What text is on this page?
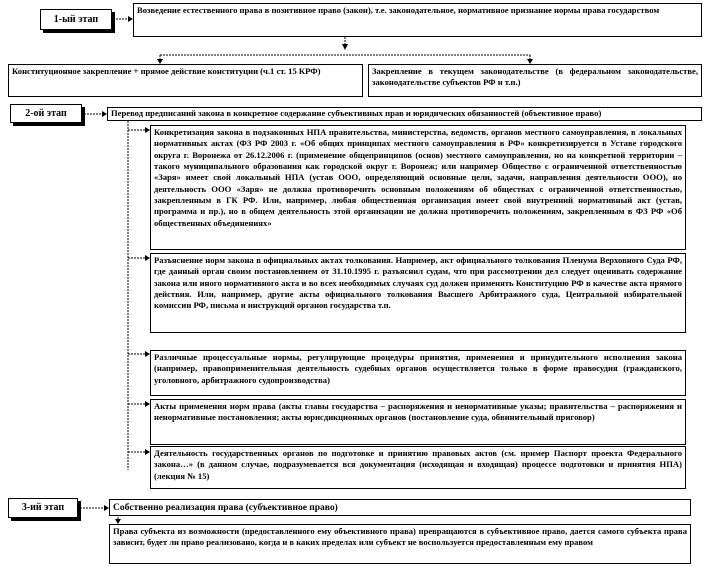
1-ый этап
Возведение естественного права в позитивное право (закон), т.е. законодательное, нормативное признание нормы права государством
Конституционное закрепление + прямое действие конституции (ч.1 ст. 15 КРФ)	Закрепление в текущем законодательстве (в федеральном законодательстве, законодательстве субъектов РФ и т.п.)
2-ой этап	Перевод предписаний закона в конкретное содержание субъективных прав и юридических обязанностей (объективное право)
Конкретизация закона в подзаконных НПА правительства, министерства, ведомств, органов местного самоуправления, в локальных нормативных актах (ФЗ РФ 2003 г. «Об общих принципах местного самоуправления в РФ» конкретизируется в Уставе городского округа г. Воронежа от 26.12.2006 г. (применение общепринципов (основ) местного самоуправления, но на конкретной территории – такого муниципального образования как городской округ г. Воронеж; или например Общество с ограниченной ответственностью «Заря» имеет свой локальный НПА (устав ООО, определяющий основные цели, задачи, направления деятельности ООО), но деятельность ООО «Заря» не должна противоречить основным положениям об обществах с ограниченной ответственностью, закрепленным в ГК РФ. Или, например, любая общественная организация имеет свой внутренний нормативный акт (устав, программа и пр.), но в общем деятельность этой организации не должна противоречить положениям, закрепленным в ФЗ РФ «Об общественных объединениях»
Разъяснение норм закона в официальных актах толкования. Например, акт официального толкования Пленума Верховного Суда РФ, где данный орган своим постановлением от 31.10.1995 г. разъяснил судам, что при рассмотрении дел следует оценивать содержание закона или иного нормативного акта и во всех необходимых случаях суд должен применять Конституцию РФ в качестве акта прямого действия. Или, например, другие акты официального толкования Высшего Арбитражного суда, Центральной избирательной комиссии РФ, письма и инструкций органов государства т.п.
Различные процессуальные нормы, регулирующие процедуры принятия, применения и принудительного исполнения закона (например, правоприменительная деятельность судебных органов осуществляется только в форме правосудия (гражданского, уголовного, арбитражного судопроизводства)
Акты применения норм права (акты главы государства – распоряжения и ненормативные указы; правительства – распоряжения и ненормативные постановления; акты юрисдикционных органов (постановление суда, обвинительный приговор)
Деятельность государственных органов по подготовке и принятию правовых актов (см. пример Паспорт проекта Федерального закона…» (в данном случае, подразумевается вся документация (исходящая и входящая) процессе подготовки и принятия НПА) (лекция № 15)
3-ий этап	Собственно реализация права (субъективное право)
Права субъекта из возможности (предоставленного ему объективного права) превращаются в субъективное право, дается самого субъекта права зависит, будет ли право реализовано, когда и в каких пределах или субъект не воспользуется предоставленным ему правом
